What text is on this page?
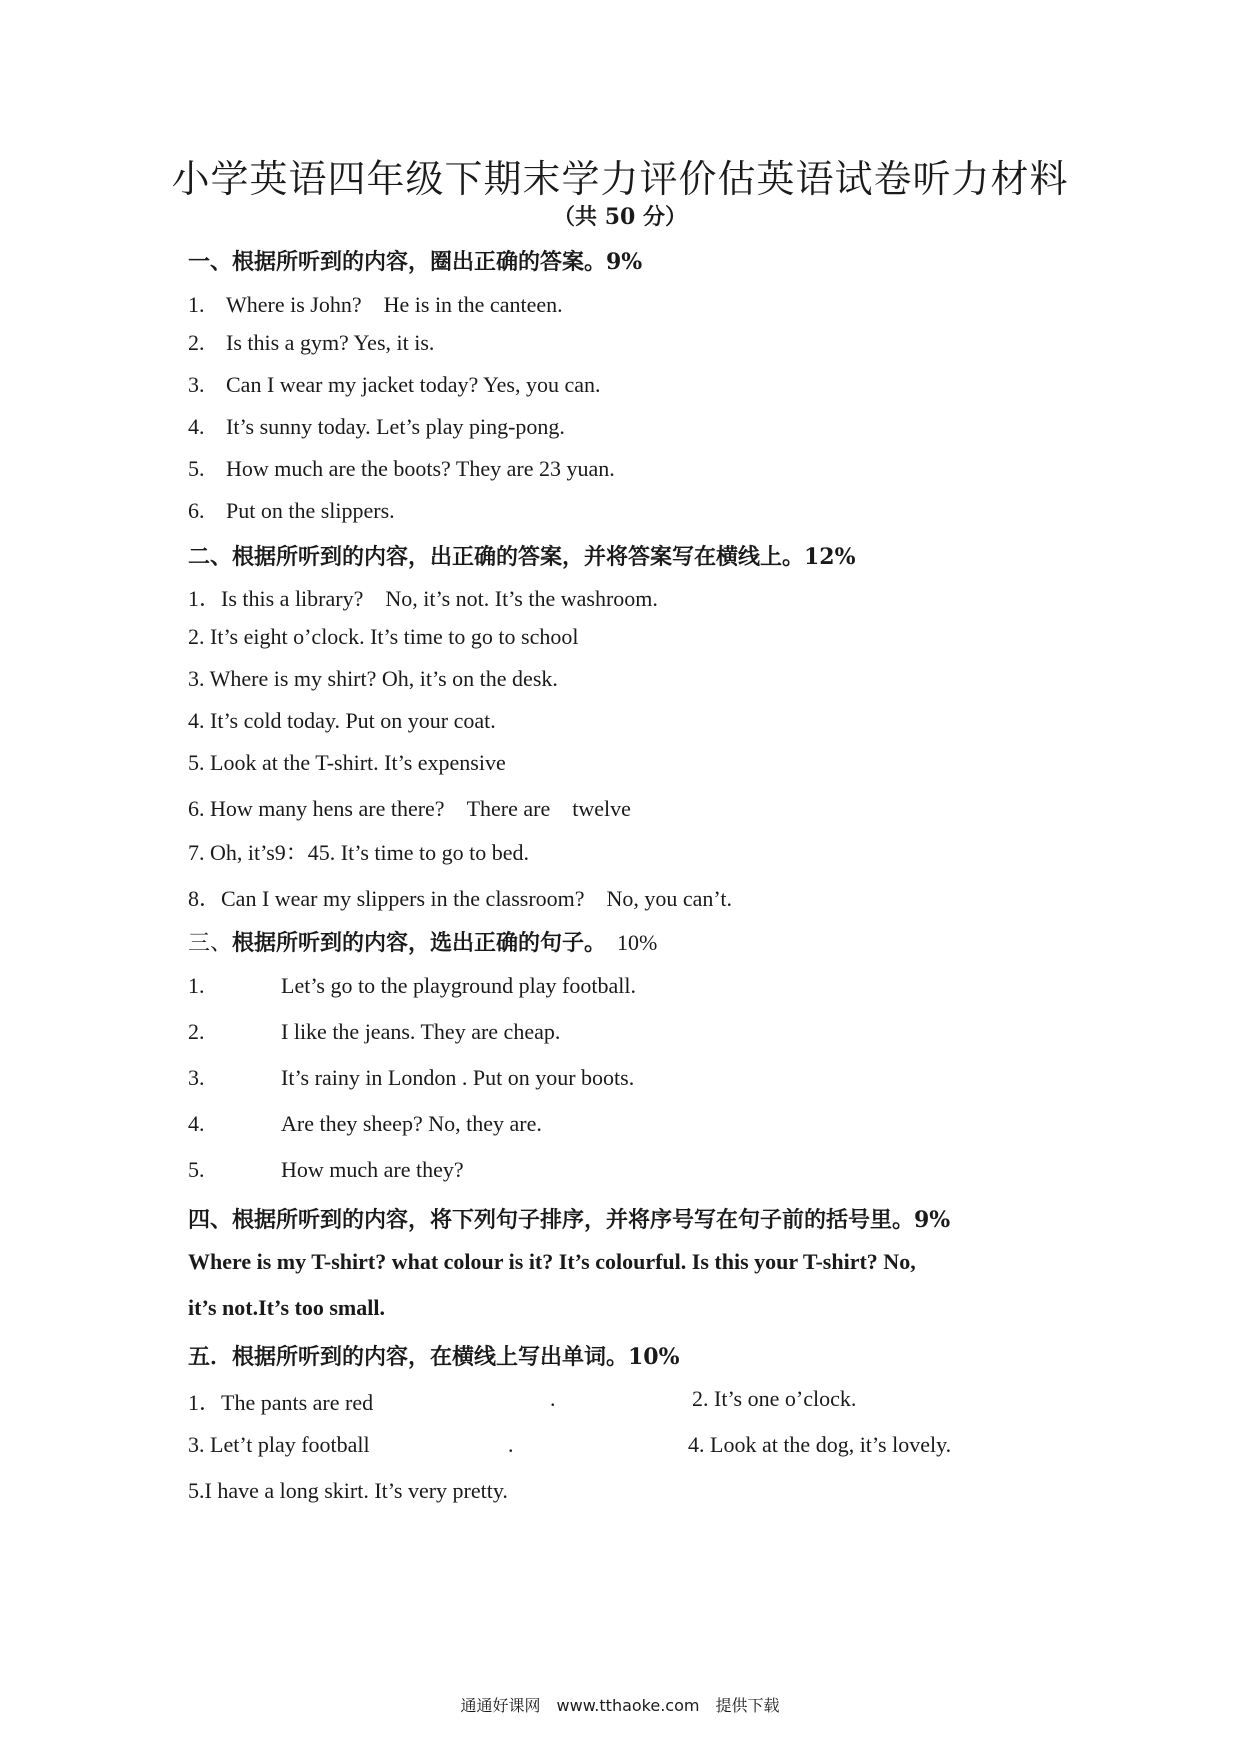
小学英语四年级下期末学力评价估英语试卷听力材料
（共 50 分）
一、根据所听到的内容，圈出正确的答案。9%
1. Where is John?　He is in the canteen.
2. Is this a gym? Yes, it is.
3. Can I wear my jacket today? Yes, you can.
4. It’s sunny today. Let’s play ping-pong.
5. How much are the boots? They are 23 yuan.
6. Put on the slippers.
二、根据所听到的内容，出正确的答案，并将答案写在横线上。12%
1．Is this a library?　No, it’s not. It’s the washroom.
2. It’s eight o’clock. It’s time to go to school
3. Where is my shirt? Oh, it’s on the desk.
4. It’s cold today. Put on your coat.
5. Look at the T-shirt. It’s expensive
6. How many hens are there?　There are　twelve
7. Oh, it’s9：45. It’s time to go to bed.
8．Can I wear my slippers in the classroom?　No, you can’t.
三、根据所听到的内容，选出正确的句子。 10%
1.	Let’s go to the playground play football.
2.	I like the jeans. They are cheap.
3.	It’s rainy in London . Put on your boots.
4.	Are they sheep? No, they are.
5.	How much are they?
四、根据所听到的内容，将下列句子排序，并将序号写在句子前的括号里。9%
Where is my T-shirt? what colour is it? It’s colourful. Is this your T-shirt? No,
it’s not.It’s too small.
五．根据所听到的内容，在横线上写出单词。10%
1．The pants are red	.	2. It’s one o’clock.
3. Let’t play football	.	4. Look at the dog, it’s lovely.
5.I have a long skirt. It’s very pretty.
通通好课网　www.tthaoke.com　提供下载
